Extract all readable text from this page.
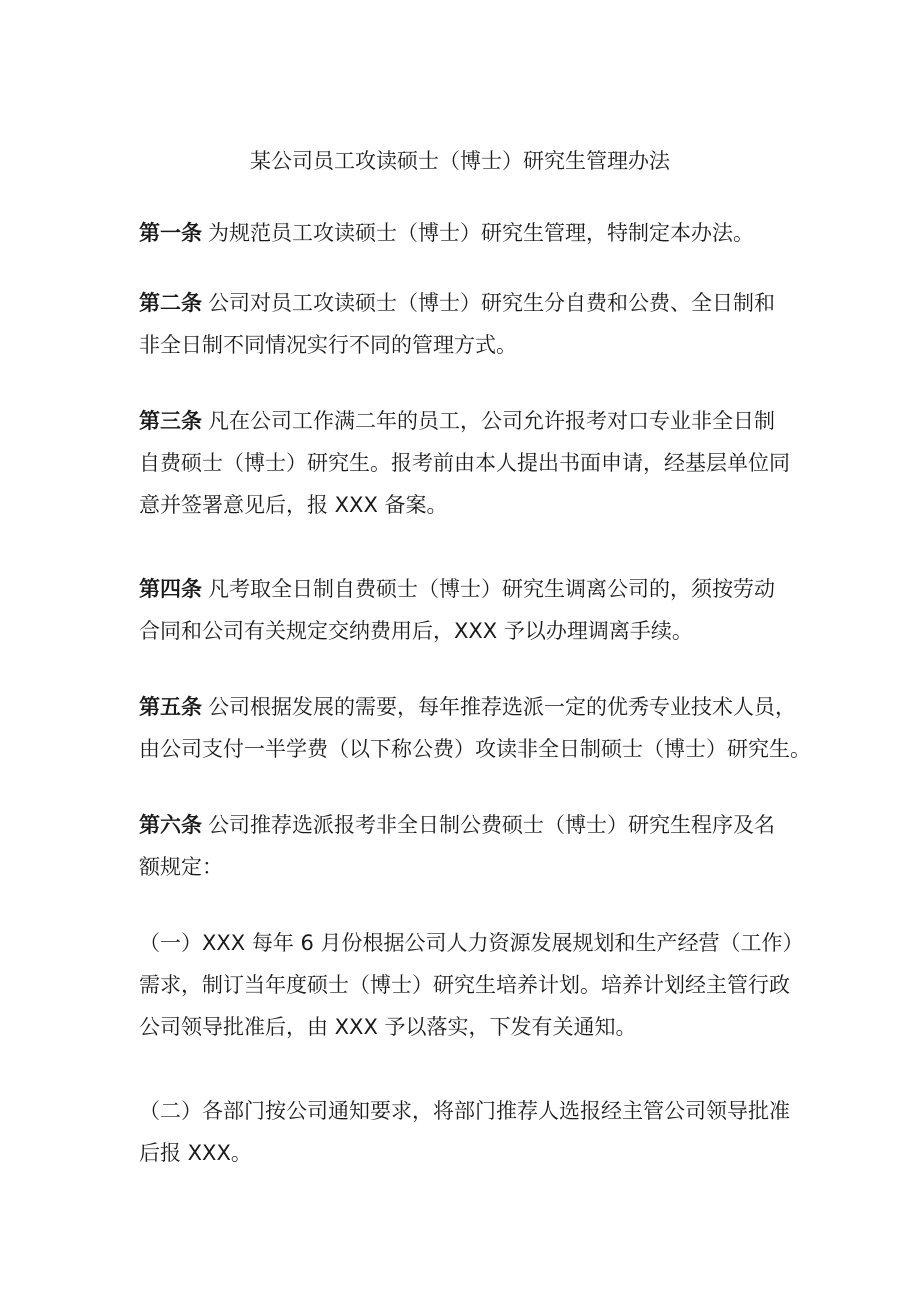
某公司员工攻读硕士（博士）研究生管理办法

第一条 为规范员工攻读硕士（博士）研究生管理，特制定本办法。

第二条 公司对员工攻读硕士（博士）研究生分自费和公费、全日制和
非全日制不同情况实行不同的管理方式。

第三条 凡在公司工作满二年的员工，公司允许报考对口专业非全日制
自费硕士（博士）研究生。报考前由本人提出书面申请，经基层单位同
意并签署意见后，报 XXX 备案。

第四条 凡考取全日制自费硕士（博士）研究生调离公司的，须按劳动
合同和公司有关规定交纳费用后，XXX 予以办理调离手续。

第五条 公司根据发展的需要，每年推荐选派一定的优秀专业技术人员，
由公司支付一半学费（以下称公费）攻读非全日制硕士（博士）研究生。

第六条 公司推荐选派报考非全日制公费硕士（博士）研究生程序及名
额规定：

（一）XXX 每年 6 月份根据公司人力资源发展规划和生产经营（工作）
需求，制订当年度硕士（博士）研究生培养计划。培养计划经主管行政
公司领导批准后，由 XXX 予以落实，下发有关通知。

（二）各部门按公司通知要求，将部门推荐人选报经主管公司领导批准
后报 XXX。
